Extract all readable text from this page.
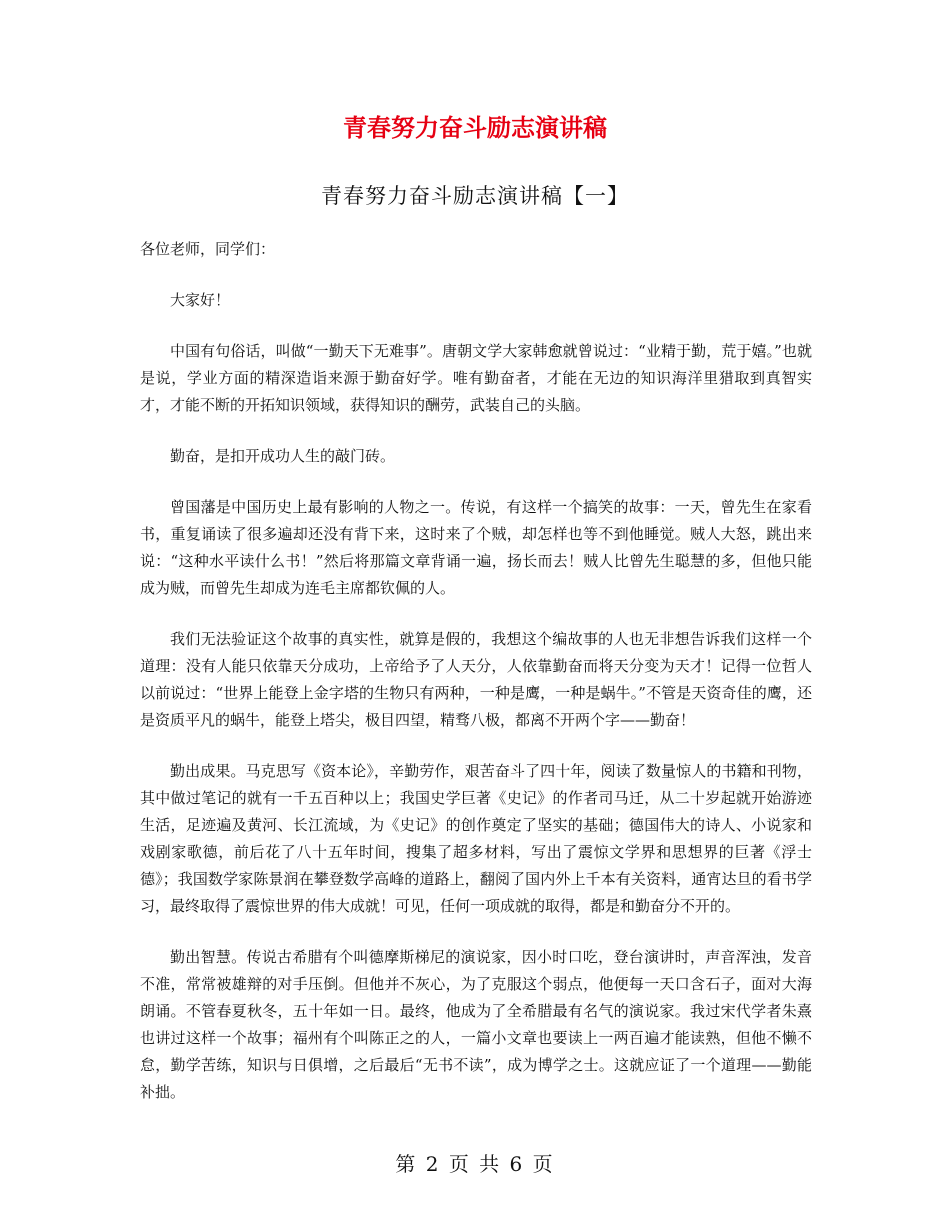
青春努力奋斗励志演讲稿
青春努力奋斗励志演讲稿【一】

各位老师，同学们：

大家好！

中国有句俗话，叫做“一勤天下无难事”。唐朝文学大家韩愈就曾说过：“业精于勤，荒于嬉。”也就是说，学业方面的精深造诣来源于勤奋好学。唯有勤奋者，才能在无边的知识海洋里猎取到真智实才，才能不断的开拓知识领域，获得知识的酬劳，武装自己的头脑。

勤奋，是扣开成功人生的敲门砖。

曾国藩是中国历史上最有影响的人物之一。传说，有这样一个搞笑的故事：一天，曾先生在家看书，重复诵读了很多遍却还没有背下来，这时来了个贼，却怎样也等不到他睡觉。贼人大怒，跳出来说：“这种水平读什么书！”然后将那篇文章背诵一遍，扬长而去！贼人比曾先生聪慧的多，但他只能成为贼，而曾先生却成为连毛主席都钦佩的人。

我们无法验证这个故事的真实性，就算是假的，我想这个编故事的人也无非想告诉我们这样一个道理：没有人能只依靠天分成功，上帝给予了人天分，人依靠勤奋而将天分变为天才！记得一位哲人以前说过：“世界上能登上金字塔的生物只有两种，一种是鹰，一种是蜗牛。”不管是天资奇佳的鹰，还是资质平凡的蜗牛，能登上塔尖，极目四望，精骛八极，都离不开两个字——勤奋！

勤出成果。马克思写《资本论》，辛勤劳作，艰苦奋斗了四十年，阅读了数量惊人的书籍和刊物，其中做过笔记的就有一千五百种以上；我国史学巨著《史记》的作者司马迁，从二十岁起就开始游迹生活，足迹遍及黄河、长江流域，为《史记》的创作奠定了坚实的基础；德国伟大的诗人、小说家和戏剧家歌德，前后花了八十五年时间，搜集了超多材料，写出了震惊文学界和思想界的巨著《浮士德》；我国数学家陈景润在攀登数学高峰的道路上，翻阅了国内外上千本有关资料，通宵达旦的看书学习，最终取得了震惊世界的伟大成就！可见，任何一项成就的取得，都是和勤奋分不开的。

勤出智慧。传说古希腊有个叫德摩斯梯尼的演说家，因小时口吃，登台演讲时，声音浑浊，发音不准，常常被雄辩的对手压倒。但他并不灰心，为了克服这个弱点，他便每一天口含石子，面对大海朗诵。不管春夏秋冬，五十年如一日。最终，他成为了全希腊最有名气的演说家。我过宋代学者朱熹也讲过这样一个故事；福州有个叫陈正之的人，一篇小文章也要读上一两百遍才能读熟，但他不懒不怠，勤学苦练，知识与日俱增，之后最后“无书不读”，成为博学之士。这就应证了一个道理——勤能补拙。

第 2 页 共 6 页
